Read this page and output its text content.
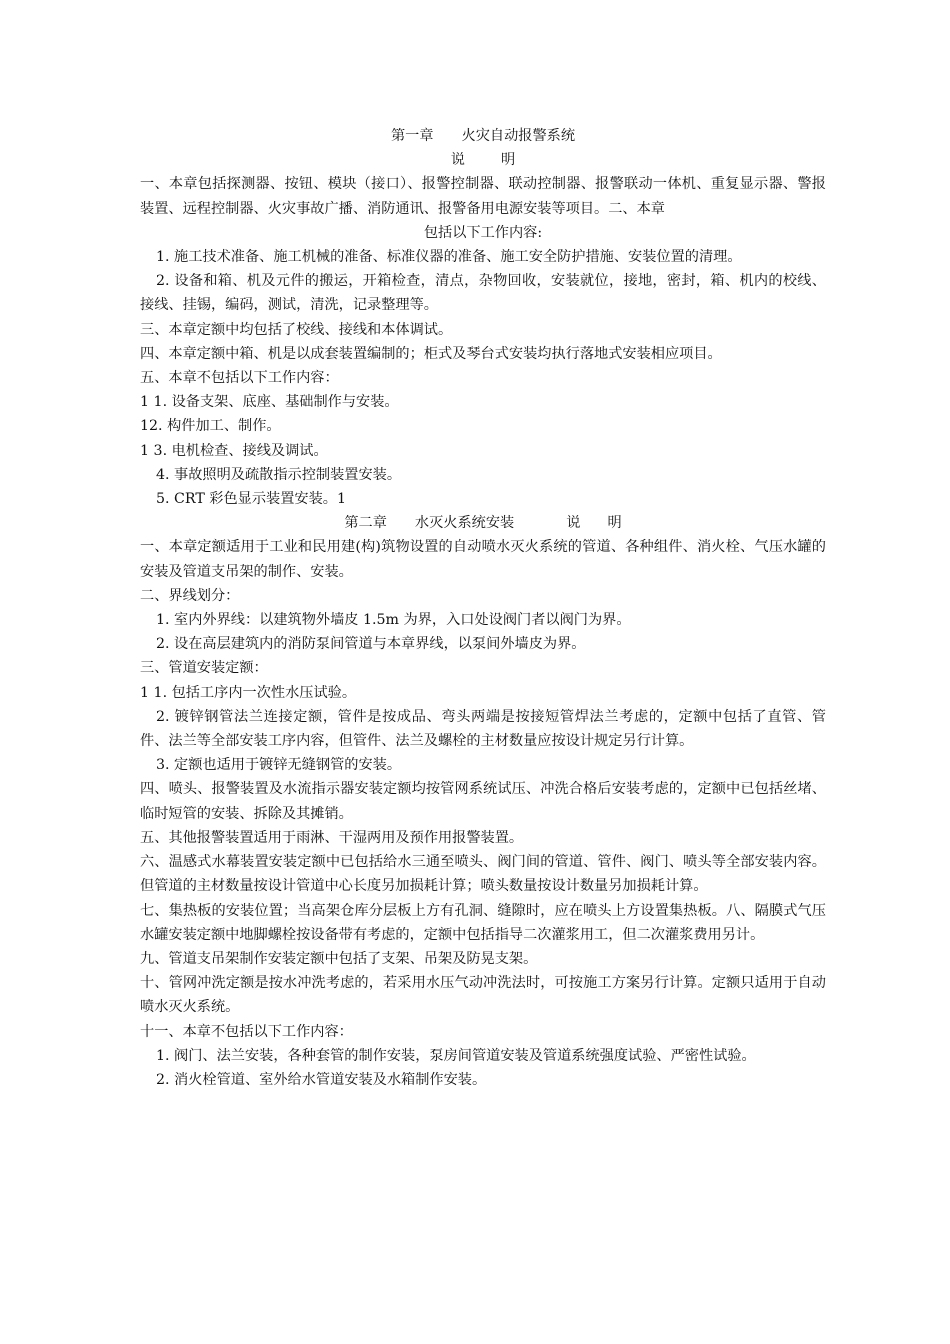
第一章 火灾自动报警系统
说        明
一、本章包括探测器、按钮、模块（接口）、报警控制器、联动控制器、报警联动一体机、重复显示器、警报装置、远程控制器、火灾事故广播、消防通讯、报警备用电源安装等项目。二、本章
包括以下工作内容:
1. 施工技术准备、施工机械的准备、标准仪器的准备、施工安全防护措施、安装位置的清理。
2. 设备和箱、机及元件的搬运，开箱检查，清点，杂物回收，安装就位，接地，密封，箱、机内的校线、接线、挂锡，编码，测试，清洗，记录整理等。
三、本章定额中均包括了校线、接线和本体调试。
四、本章定额中箱、机是以成套装置编制的；柜式及琴台式安装均执行落地式安装相应项目。
五、本章不包括以下工作内容：
1 1. 设备支架、底座、基础制作与安装。
12. 构件加工、制作。
1 3. 电机检查、接线及调试。
4. 事故照明及疏散指示控制装置安装。
5. CRT 彩色显示装置安装。1
第二章 水灭火系统安装	说      明
一、本章定额适用于工业和民用建(构)筑物设置的自动喷水灭火系统的管道、各种组件、消火栓、气压水罐的安装及管道支吊架的制作、安装。
二、界线划分：
1. 室内外界线：以建筑物外墙皮 1.5m 为界，入口处设阀门者以阀门为界。
2. 设在高层建筑内的消防泵间管道与本章界线，以泵间外墙皮为界。
三、管道安装定额：
1 1. 包括工序内一次性水压试验。
2. 镀锌钢管法兰连接定额，管件是按成品、弯头两端是按接短管焊法兰考虑的，定额中包括了直管、管件、法兰等全部安装工序内容，但管件、法兰及螺栓的主材数量应按设计规定另行计算。
3. 定额也适用于镀锌无缝钢管的安装。
四、喷头、报警装置及水流指示器安装定额均按管网系统试压、冲洗合格后安装考虑的，定额中已包括丝堵、临时短管的安装、拆除及其摊销。
五、其他报警装置适用于雨淋、干湿两用及预作用报警装置。
六、温感式水幕装置安装定额中已包括给水三通至喷头、阀门间的管道、管件、阀门、喷头等全部安装内容。但管道的主材数量按设计管道中心长度另加损耗计算；喷头数量按设计数量另加损耗计算。
七、集热板的安装位置；当高架仓库分层板上方有孔洞、缝隙时，应在喷头上方设置集热板。八、隔膜式气压水罐安装定额中地脚螺栓按设备带有考虑的，定额中包括指导二次灌浆用工，但二次灌浆费用另计。
九、管道支吊架制作安装定额中包括了支架、吊架及防晃支架。
十、管网冲洗定额是按水冲洗考虑的，若采用水压气动冲洗法时，可按施工方案另行计算。定额只适用于自动喷水灭火系统。
十一、本章不包括以下工作内容：
1. 阀门、法兰安装，各种套管的制作安装，泵房间管道安装及管道系统强度试验、严密性试验。
2. 消火栓管道、室外给水管道安装及水箱制作安装。
